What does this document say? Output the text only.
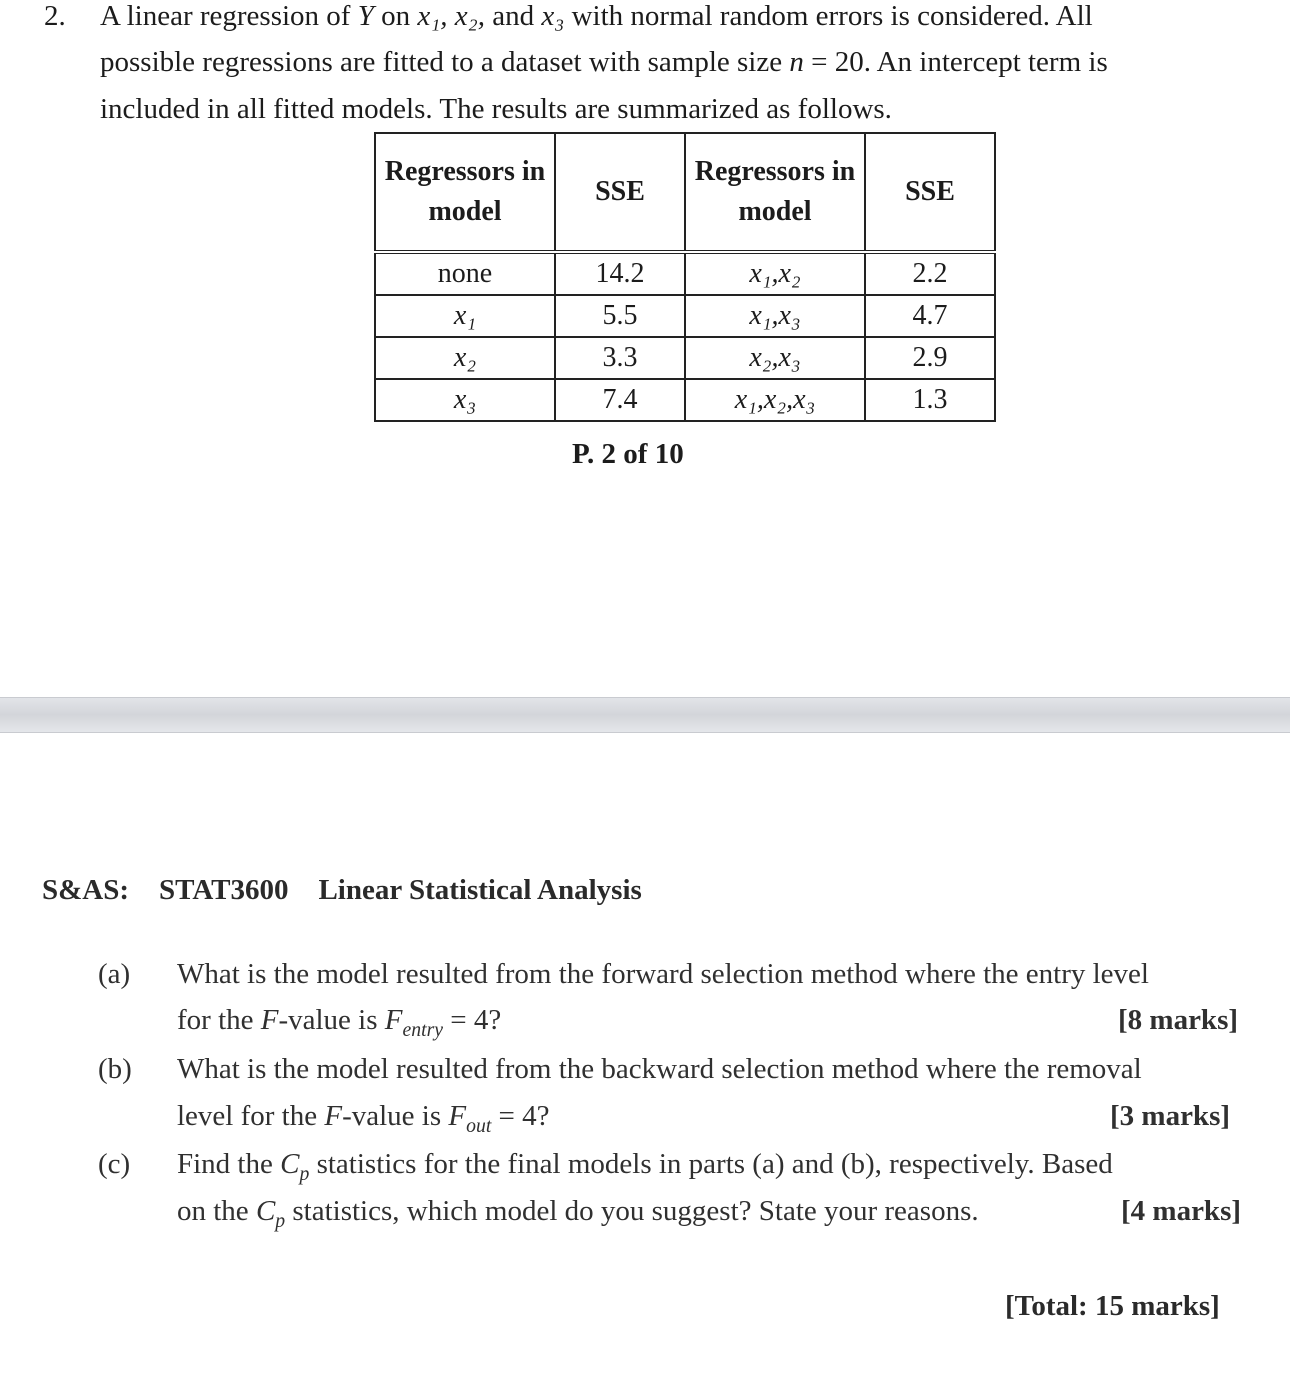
2. A linear regression of Y on x₁, x₂, and x₃ with normal random errors is considered. All
possible regressions are fitted to a dataset with sample size n = 20. An intercept term is
included in all fitted models. The results are summarized as follows.
Regressors in model	SSE	Regressors in model	SSE
none	14.2	x₁,x₂	2.2
x₁	5.5	x₁,x₃	4.7
x₂	3.3	x₂,x₃	2.9
x₃	7.4	x₁,x₂,x₃	1.3
P. 2 of 10
S&AS: STAT3600 Linear Statistical Analysis
(a) What is the model resulted from the forward selection method where the entry level
for the F-value is $F_{entry} = 4$?	[8 marks]
(b) What is the model resulted from the backward selection method where the removal
level for the F-value is $F_{out} = 4$?	[3 marks]
(c) Find the $C_p$ statistics for the final models in parts (a) and (b), respectively. Based
on the $C_p$ statistics, which model do you suggest? State your reasons.	[4 marks]
[Total: 15 marks]
